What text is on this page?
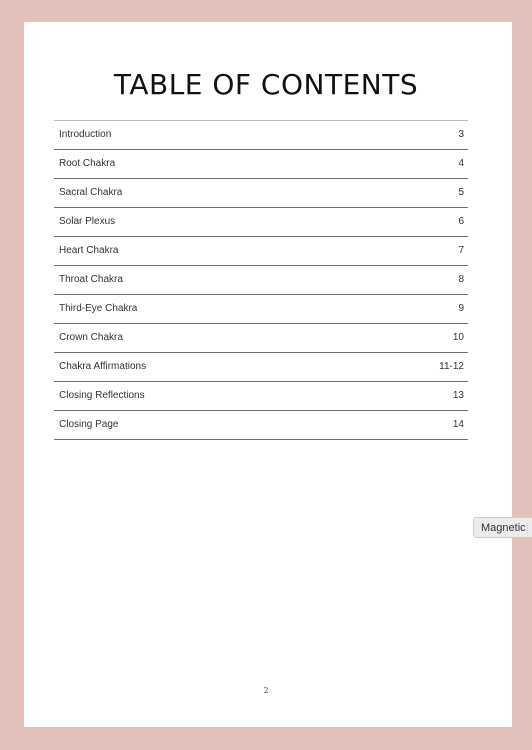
TABLE OF CONTENTS
Introduction	3
Root Chakra	4
Sacral Chakra	5
Solar Plexus	6
Heart Chakra	7
Throat Chakra	8
Third-Eye Chakra	9
Crown Chakra	10
Chakra Affirmations	11-12
Closing Reflections	13
Closing Page	14
2
Magnetic
